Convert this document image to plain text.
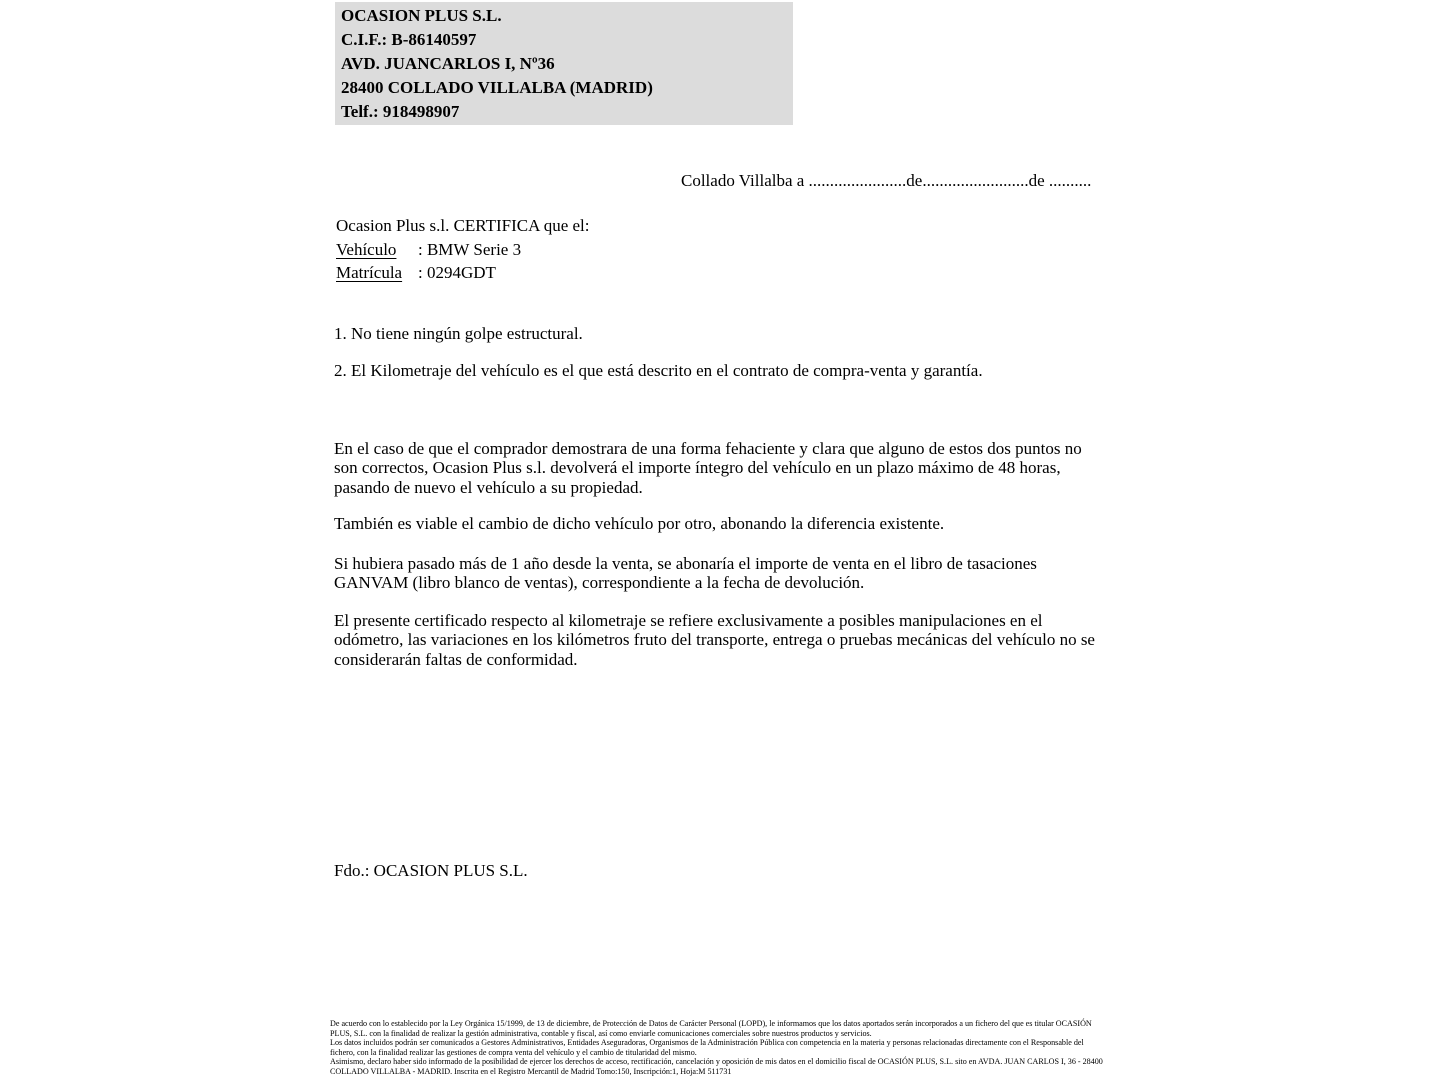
OCASION PLUS S.L.
C.I.F.: B-86140597
AVD. JUANCARLOS I, Nº36
28400 COLLADO VILLALBA (MADRID)
Telf.: 918498907
Collado Villalba a .......................de.........................de ..........
Ocasion Plus s.l. CERTIFICA que el:
Vehículo : BMW Serie 3
Matrícula : 0294GDT
1. No tiene ningún golpe estructural.
2. El Kilometraje del vehículo es el que está descrito en el contrato de compra-venta y garantía.
En el caso de que el comprador demostrara de una forma fehaciente y clara que alguno de estos dos puntos no son correctos, Ocasion Plus s.l. devolverá el importe íntegro del vehículo en un plazo máximo de 48 horas, pasando de nuevo el vehículo a su propiedad.
También es viable el cambio de dicho vehículo por otro, abonando la diferencia existente.
Si hubiera pasado más de 1 año desde la venta, se abonaría el importe de venta en el libro de tasaciones GANVAM (libro blanco de ventas), correspondiente a la fecha de devolución.
El presente certificado respecto al kilometraje se refiere exclusivamente a posibles manipulaciones en el odómetro, las variaciones en los kilómetros fruto del transporte, entrega o pruebas mecánicas del vehículo no se considerarán faltas de conformidad.
Fdo.: OCASION PLUS S.L.

De acuerdo con lo establecido por la Ley Orgánica 15/1999, de 13 de diciembre, de Protección de Datos de Carácter Personal (LOPD), le informamos que los datos aportados serán incorporados a un fichero del que es titular OCASIÓN PLUS, S.L. con la finalidad de realizar la gestión administrativa, contable y fiscal, así como enviarle comunicaciones comerciales sobre nuestros productos y servicios.

Los datos incluidos podrán ser comunicados a Gestores Administrativos, Entidades Aseguradoras, Organismos de la Administración Pública con competencia en la materia y personas relacionadas directamente con el Responsable del fichero, con la finalidad realizar las gestiones de compra venta del vehículo y el cambio de titularidad del mismo.

Asimismo, declaro haber sido informado de la posibilidad de ejercer los derechos de acceso, rectificación, cancelación y oposición de mis datos en el domicilio fiscal de OCASIÓN PLUS, S.L. sito en AVDA. JUAN CARLOS I, 36 - 28400 COLLADO VILLALBA - MADRID. Inscrita en el Registro Mercantil de Madrid Tomo:150, Inscripción:1, Hoja:M 511731
